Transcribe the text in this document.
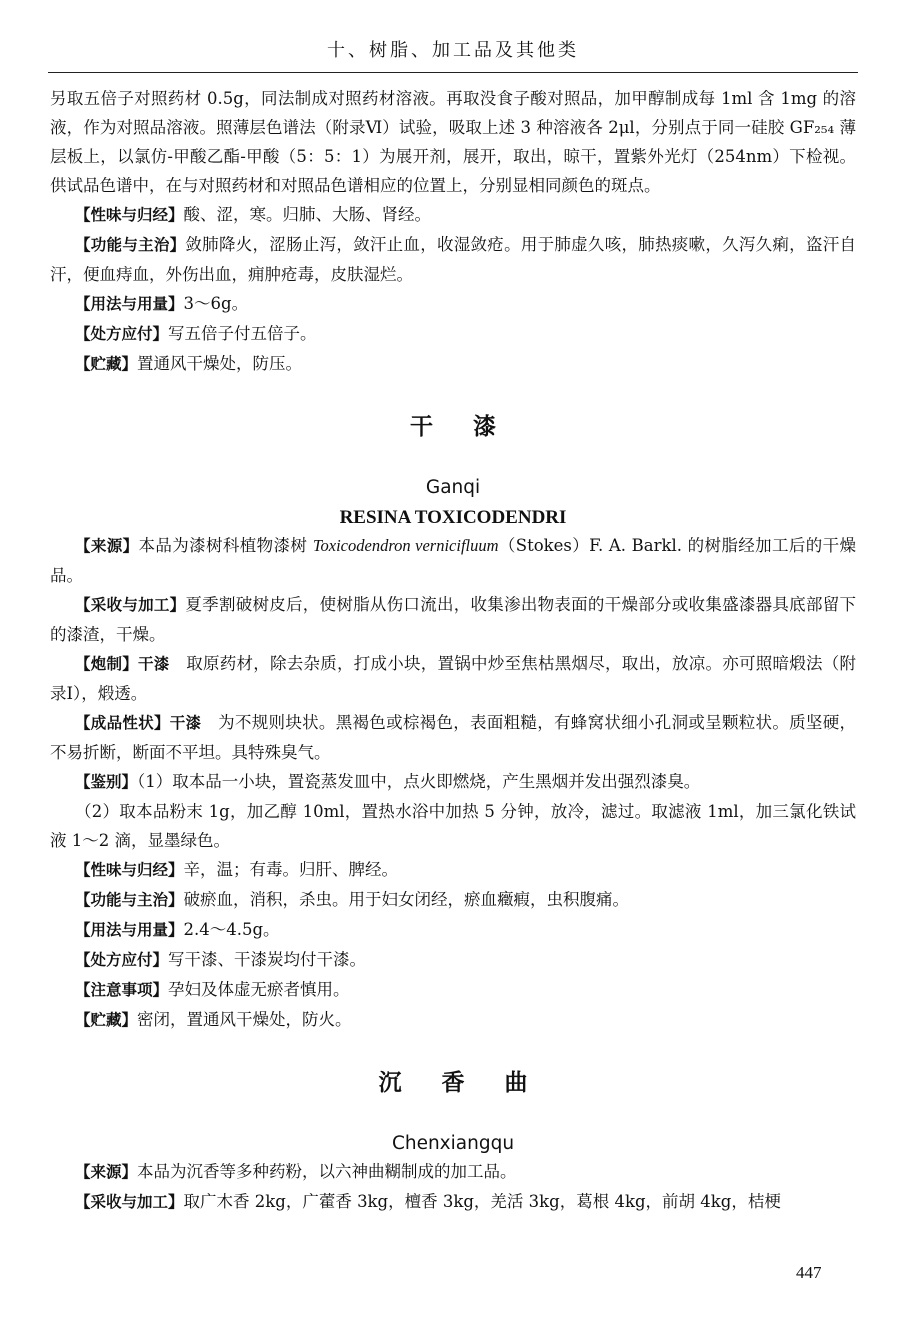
十、树脂、加工品及其他类

另取五倍子对照药材 0.5g，同法制成对照药材溶液。再取没食子酸对照品，加甲醇制成每 1ml 含 1mg 的溶液，作为对照品溶液。照薄层色谱法（附录Ⅵ）试验，吸取上述 3 种溶液各 2μl，分别点于同一硅胶 GF₂₅₄ 薄层板上，以氯仿-甲酸乙酯-甲酸（5：5：1）为展开剂，展开，取出，晾干，置紫外光灯（254nm）下检视。供试品色谱中，在与对照药材和对照品色谱相应的位置上，分别显相同颜色的斑点。

【性味与归经】酸、涩，寒。归肺、大肠、肾经。

【功能与主治】敛肺降火，涩肠止泻，敛汗止血，收湿敛疮。用于肺虚久咳，肺热痰嗽，久泻久痢，盗汗自汗，便血痔血，外伤出血，痈肿疮毒，皮肤湿烂。

【用法与用量】3～6g。

【处方应付】写五倍子付五倍子。

【贮藏】置通风干燥处，防压。

干漆
Ganqi
RESINA TOXICODENDRI

【来源】本品为漆树科植物漆树 Toxicodendron vernicifluum（Stokes）F. A. Barkl. 的树脂经加工后的干燥品。

【采收与加工】夏季割破树皮后，使树脂从伤口流出，收集渗出物表面的干燥部分或收集盛漆器具底部留下的漆渣，干燥。

【炮制】干漆　取原药材，除去杂质，打成小块，置锅中炒至焦枯黑烟尽，取出，放凉。亦可照暗煅法（附录Ⅰ），煅透。

【成品性状】干漆　为不规则块状。黑褐色或棕褐色，表面粗糙，有蜂窝状细小孔洞或呈颗粒状。质坚硬，不易折断，断面不平坦。具特殊臭气。

【鉴别】（1）取本品一小块，置瓷蒸发皿中，点火即燃烧，产生黑烟并发出强烈漆臭。

（2）取本品粉末 1g，加乙醇 10ml，置热水浴中加热 5 分钟，放冷，滤过。取滤液 1ml，加三氯化铁试液 1～2 滴，显墨绿色。

【性味与归经】辛，温；有毒。归肝、脾经。

【功能与主治】破瘀血，消积，杀虫。用于妇女闭经，瘀血癥瘕，虫积腹痛。

【用法与用量】2.4～4.5g。

【处方应付】写干漆、干漆炭均付干漆。

【注意事项】孕妇及体虚无瘀者慎用。

【贮藏】密闭，置通风干燥处，防火。

沉香曲
Chenxiangqu

【来源】本品为沉香等多种药粉，以六神曲糊制成的加工品。

【采收与加工】取广木香 2kg，广藿香 3kg，檀香 3kg，羌活 3kg，葛根 4kg，前胡 4kg，桔梗

447
